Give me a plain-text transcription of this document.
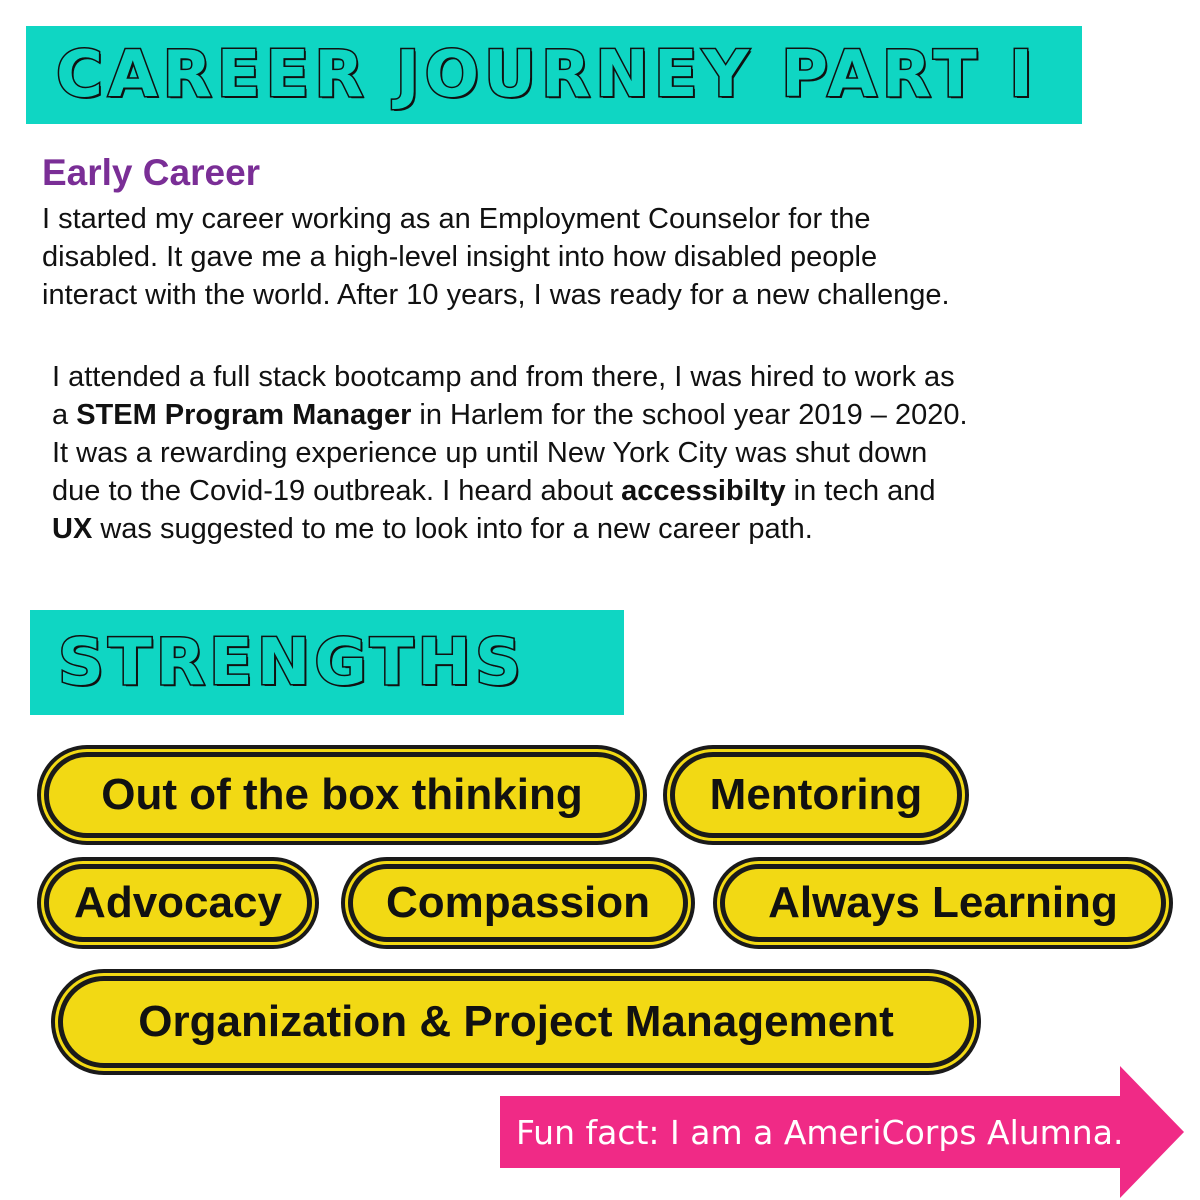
CAREER JOURNEY PART I
Early Career
I started my career working as an Employment Counselor for the
disabled. It gave me a high-level insight into how disabled people
interact with the world. After 10 years, I was ready for a new challenge.
I attended a full stack bootcamp and from there, I was hired to work as
a STEM Program Manager in Harlem for the school year 2019 – 2020.
It was a rewarding experience up until New York City was shut down
due to the Covid-19 outbreak. I heard about accessibilty in tech and
UX was suggested to me to look into for a new career path.
STRENGTHS
Out of the box thinking	Mentoring
Advocacy	Compassion	Always Learning
Organization & Project Management
Fun fact: I am a AmeriCorps Alumna.
